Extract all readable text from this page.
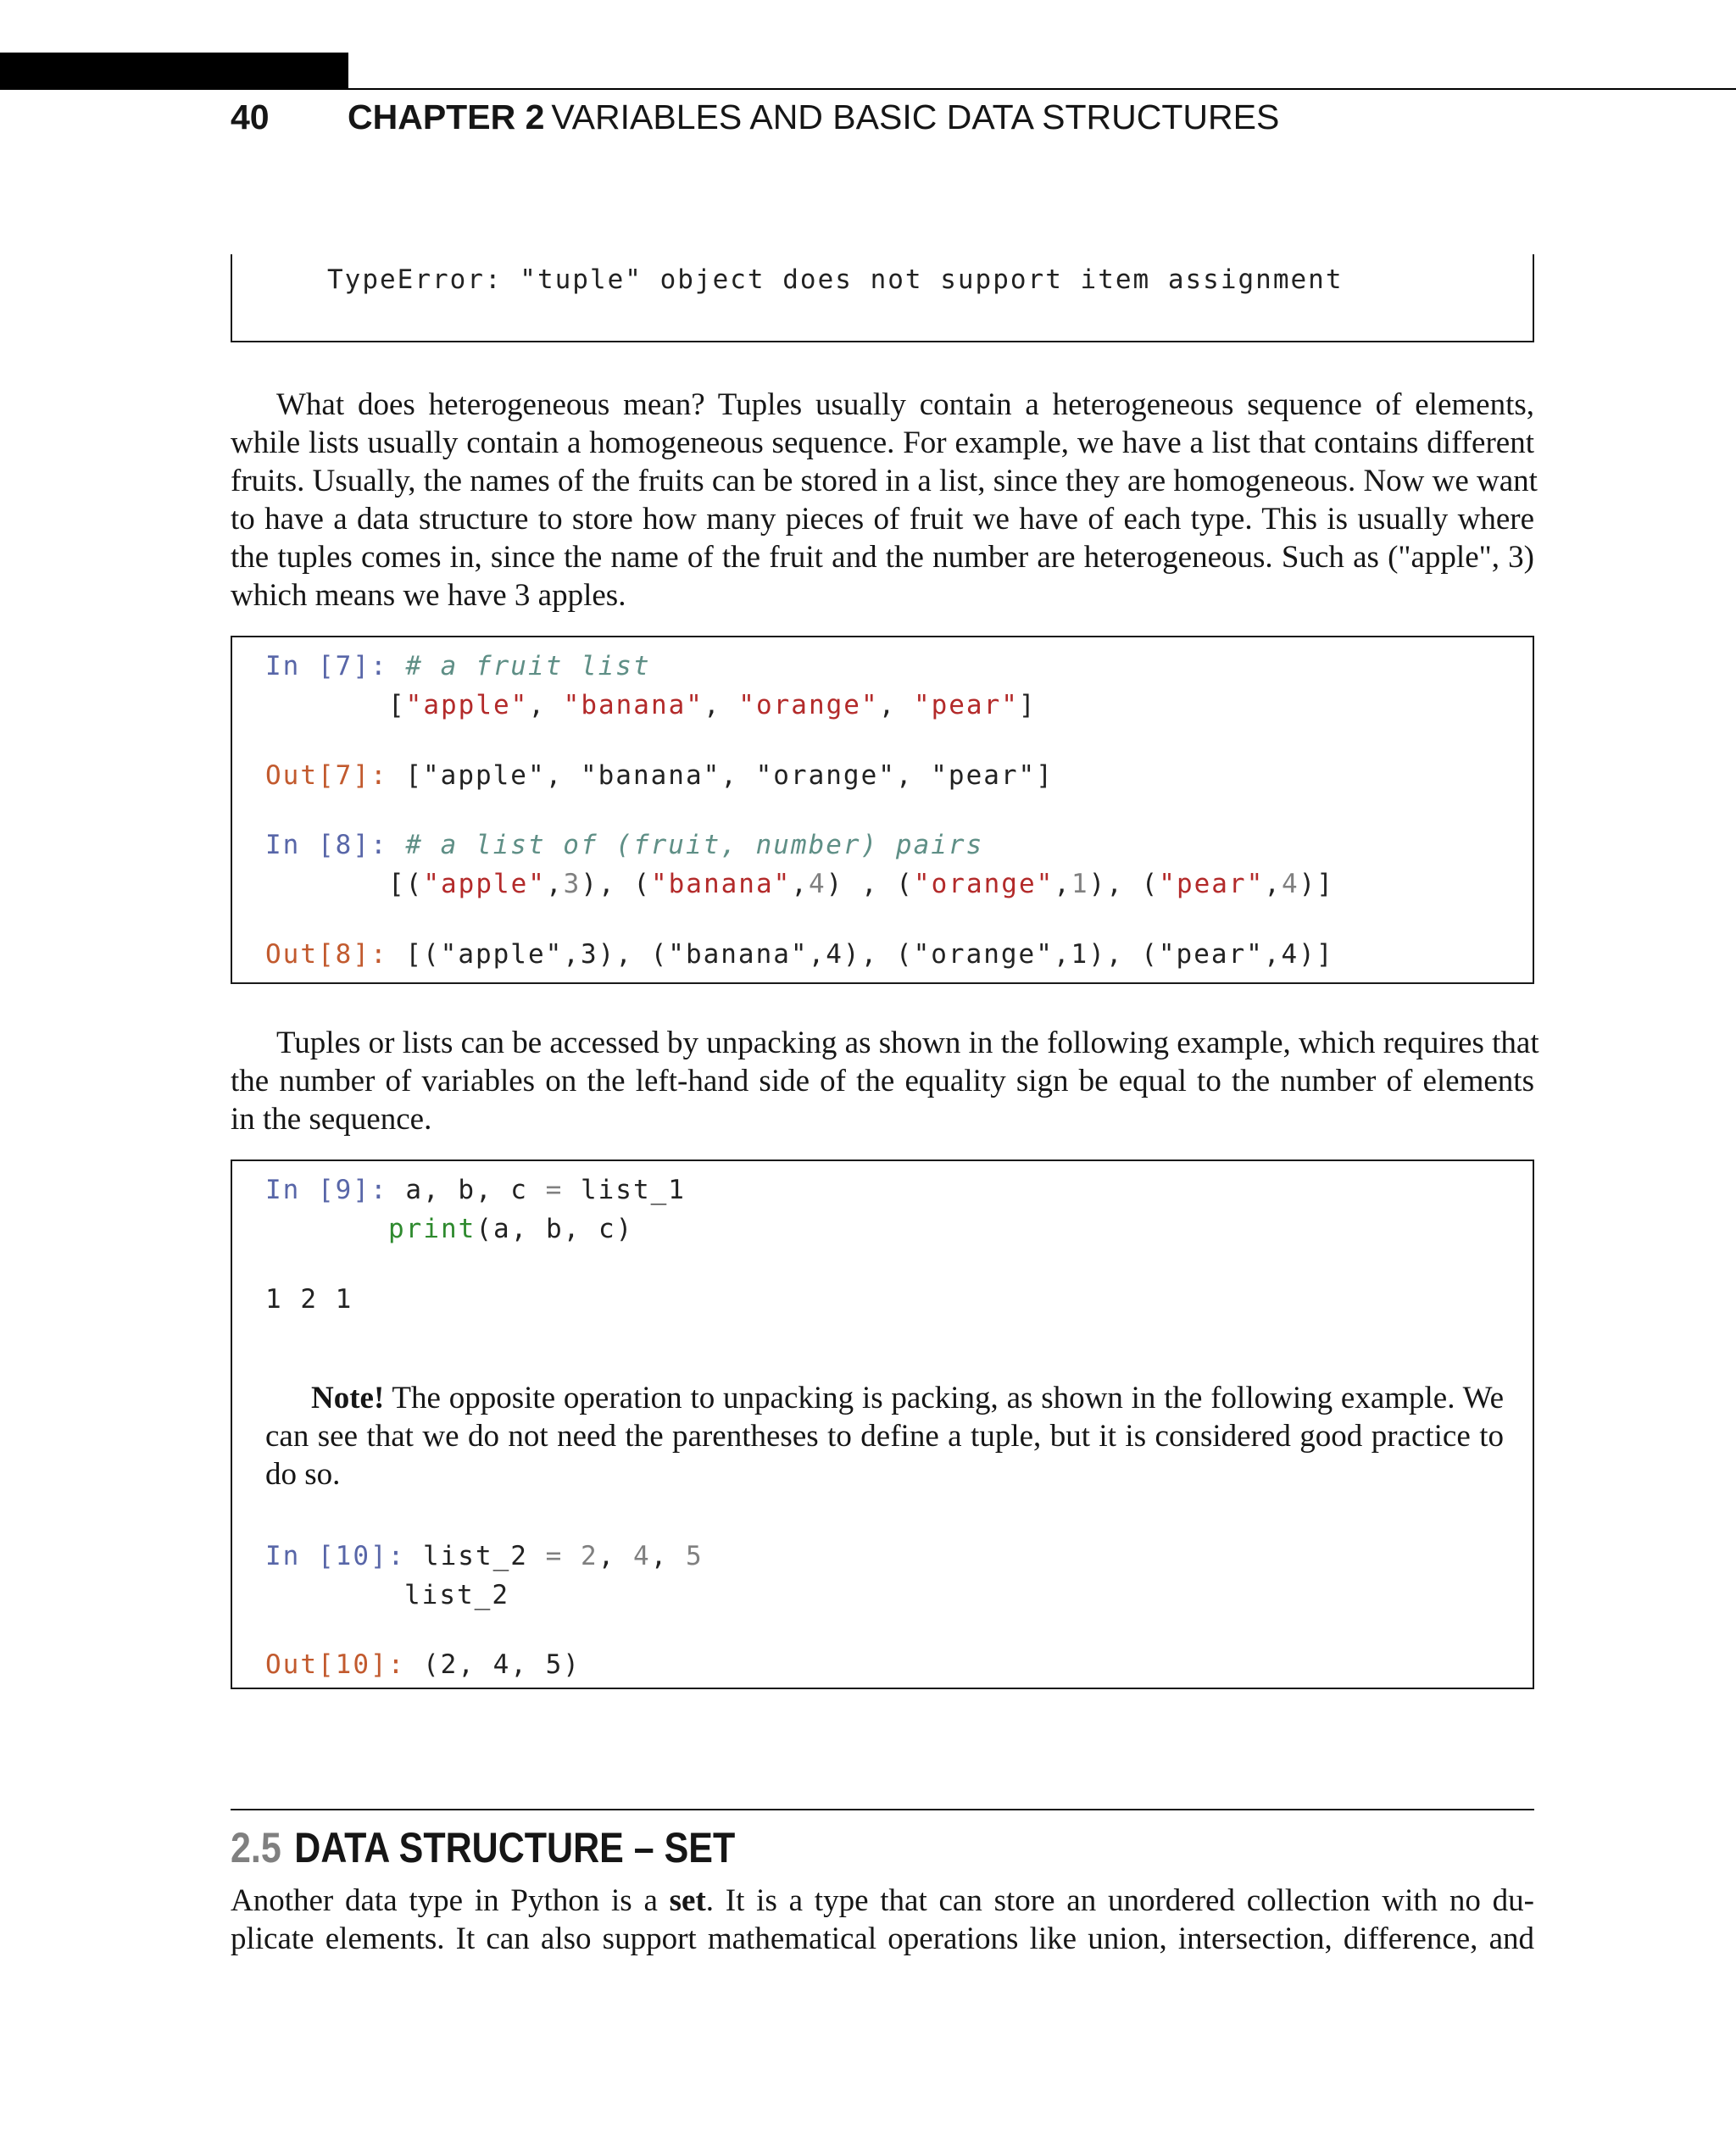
40 CHAPTER 2 VARIABLES AND BASIC DATA STRUCTURES
TypeError: "tuple" object does not support item assignment
What does heterogeneous mean? Tuples usually contain a heterogeneous sequence of elements,
while lists usually contain a homogeneous sequence. For example, we have a list that contains different
fruits. Usually, the names of the fruits can be stored in a list, since they are homogeneous. Now we want
to have a data structure to store how many pieces of fruit we have of each type. This is usually where
the tuples comes in, since the name of the fruit and the number are heterogeneous. Such as ("apple", 3)
which means we have 3 apples.
In [7]: # a fruit list
["apple", "banana", "orange", "pear"]
Out[7]: ["apple", "banana", "orange", "pear"]
In [8]: # a list of (fruit, number) pairs
[("apple",3), ("banana",4) , ("orange",1), ("pear",4)]
Out[8]: [("apple",3), ("banana",4), ("orange",1), ("pear",4)]
Tuples or lists can be accessed by unpacking as shown in the following example, which requires that
the number of variables on the left-hand side of the equality sign be equal to the number of elements
in the sequence.
In [9]: a, b, c = list_1
print(a, b, c)
1 2 1
Note! The opposite operation to unpacking is packing, as shown in the following example. We
can see that we do not need the parentheses to define a tuple, but it is considered good practice to
do so.
In [10]: list_2 = 2, 4, 5
list_2
Out[10]: (2, 4, 5)
2.5 DATA STRUCTURE – SET
Another data type in Python is a set. It is a type that can store an unordered collection with no du-
plicate elements. It can also support mathematical operations like union, intersection, difference, and
